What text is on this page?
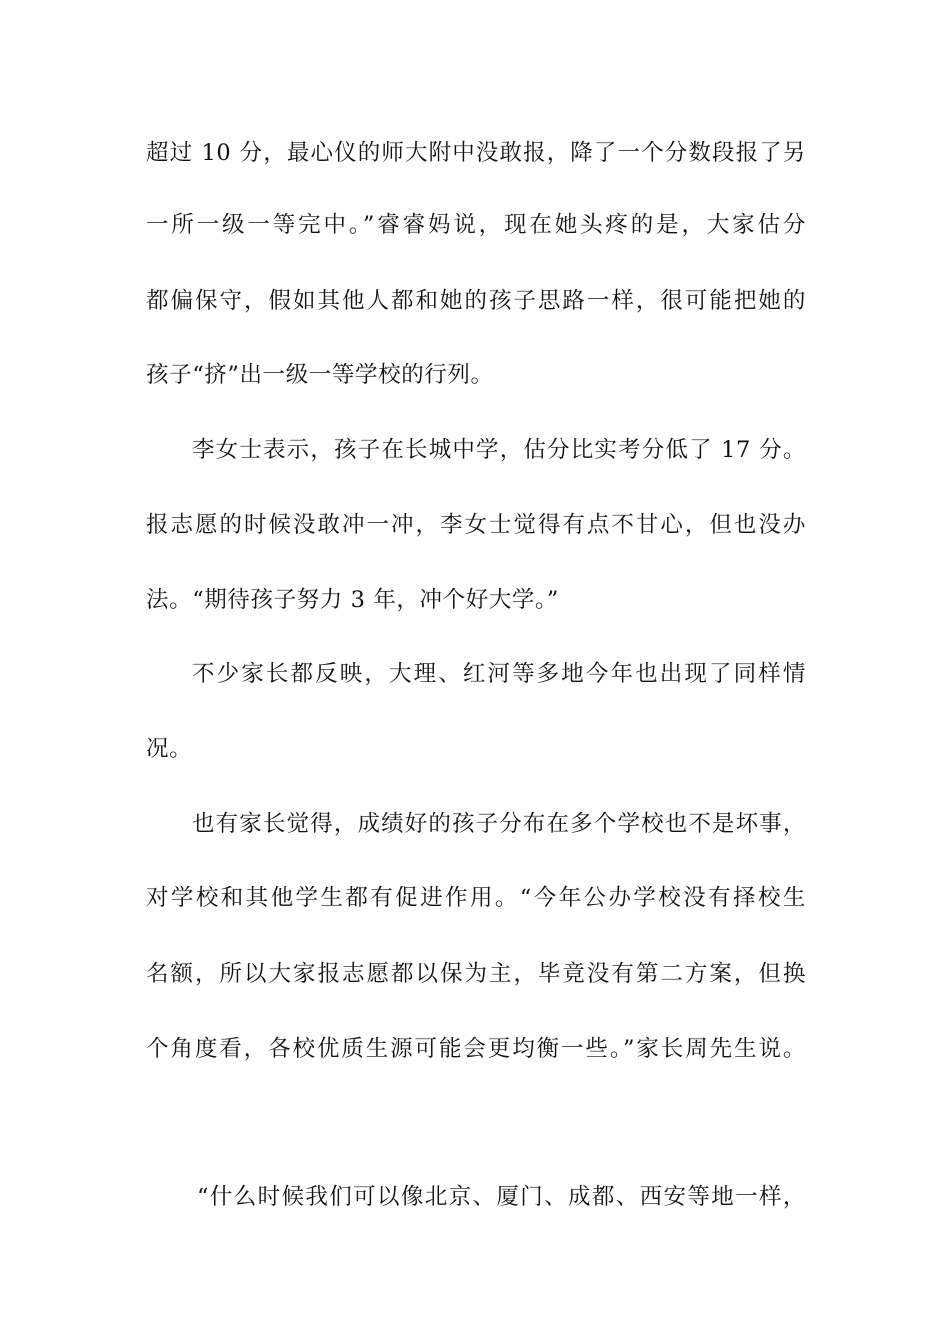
超过 10 分，最心仪的师大附中没敢报，降了一个分数段报了另
一所一级一等完中。”睿睿妈说，现在她头疼的是，大家估分
都偏保守，假如其他人都和她的孩子思路一样，很可能把她的
孩子“挤”出一级一等学校的行列。
李女士表示，孩子在长城中学，估分比实考分低了 17 分。
报志愿的时候没敢冲一冲，李女士觉得有点不甘心，但也没办
法。“期待孩子努力 3 年，冲个好大学。”
不少家长都反映，大理、红河等多地今年也出现了同样情
况。
也有家长觉得，成绩好的孩子分布在多个学校也不是坏事，
对学校和其他学生都有促进作用。“今年公办学校没有择校生
名额，所以大家报志愿都以保为主，毕竟没有第二方案，但换
个角度看，各校优质生源可能会更均衡一些。”家长周先生说。
“什么时候我们可以像北京、厦门、成都、西安等地一样，
